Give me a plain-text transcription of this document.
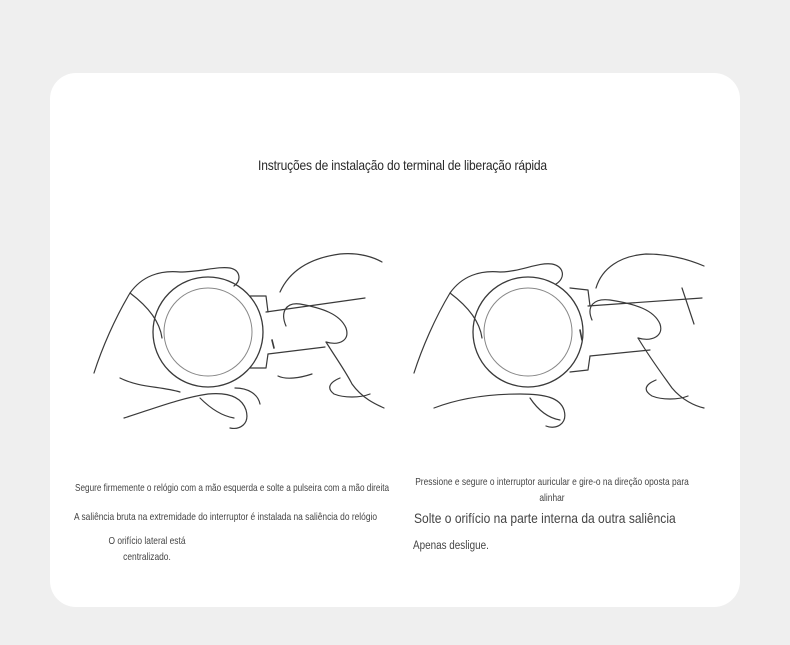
Instruções de instalação do terminal de liberação rápida
Segure firmemente o relógio com a mão esquerda e solte a pulseira com a mão direita
A saliência bruta na extremidade do interruptor é instalada na saliência do relógio
O orifício lateral está centralizado.
Pressione e segure o interruptor auricular e gire-o na direção oposta para alinhar
Solte o orifício na parte interna da outra saliência
Apenas desligue.
